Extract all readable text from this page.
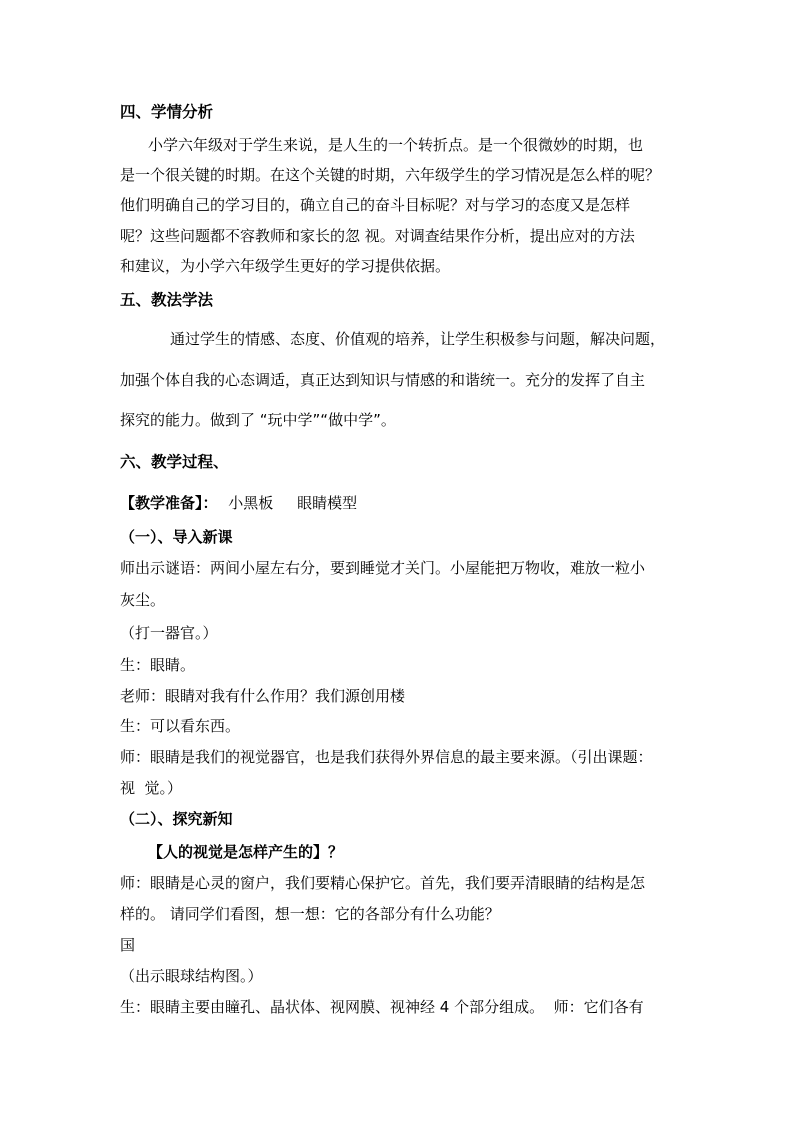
四、学情分析
小学六年级对于学生来说，是人生的一个转折点。是一个很微妙的时期，也
是一个很关键的时期。在这个关键的时期，六年级学生的学习情况是怎么样的呢？
他们明确自己的学习目的，确立自己的奋斗目标呢？对与学习的态度又是怎样
呢？这些问题都不容教师和家长的忽 视。对调查结果作分析，提出应对的方法
和建议，为小学六年级学生更好的学习提供依据。
五、教法学法
通过学生的情感、态度、价值观的培养，让学生积极参与问题，解决问题，
加强个体自我的心态调适，真正达到知识与情感的和谐统一。充分的发挥了自主
探究的能力。做到了 “玩中学”“做中学”。
六、教学过程、
【教学准备】： 小黑板     眼睛模型
（一）、导入新课
师出示谜语：两间小屋左右分，要到睡觉才关门。小屋能把万物收，难放一粒小
灰尘。
（打一器官。）
生：眼睛。
老师：眼睛对我有什么作用？我们源创用楼
生：可以看东西。
师：眼睛是我们的视觉器官，也是我们获得外界信息的最主要来源。（引出课题：
视  觉。）
（二）、探究新知
【人的视觉是怎样产生的】？
师：眼睛是心灵的窗户，我们要精心保护它。首先，我们要弄清眼睛的结构是怎
样的。 请同学们看图，想一想：它的各部分有什么功能？
国
（出示眼球结构图。）
生：眼睛主要由瞳孔、晶状体、视网膜、视神经 4 个部分组成。  师：它们各有
